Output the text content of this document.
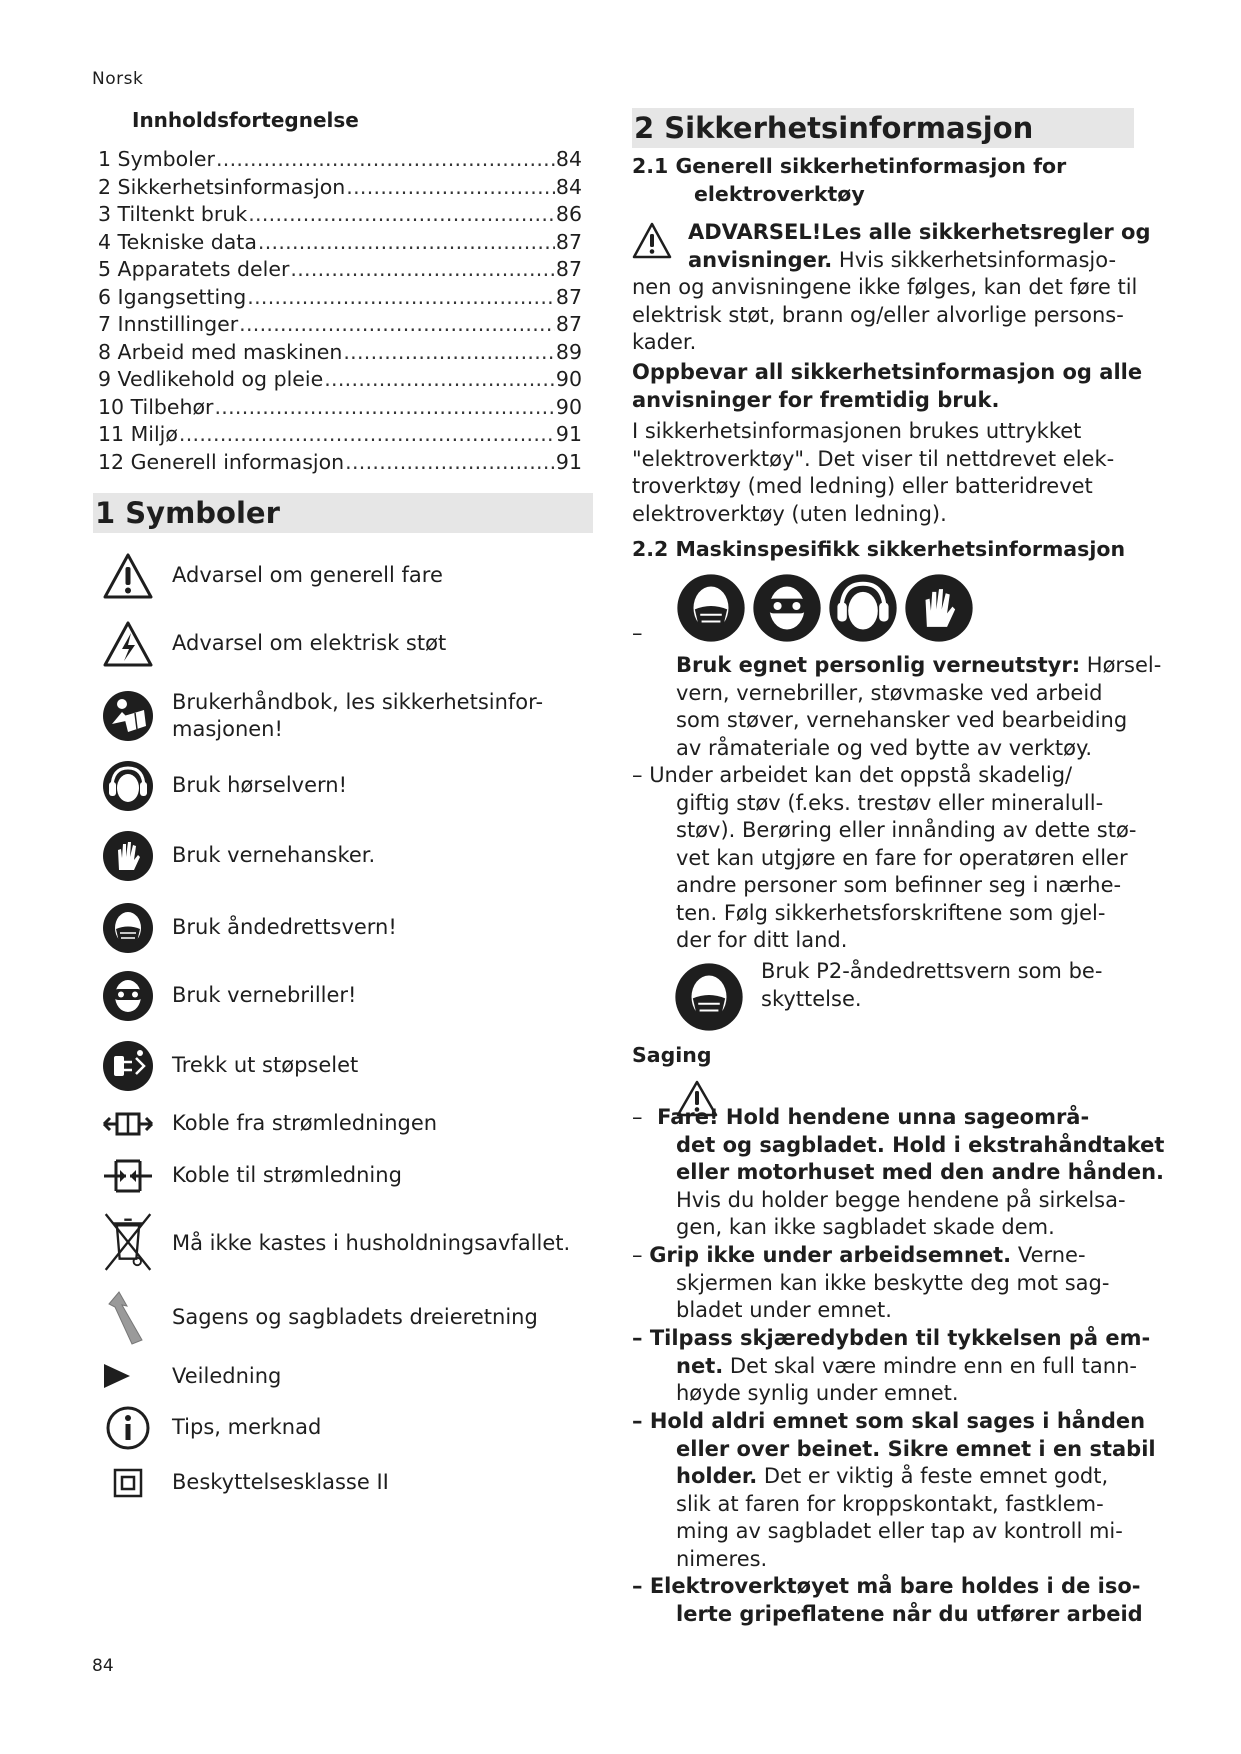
Norsk
84
Innholdsfortegnelse
1 Symboler .....	84
2 Sikkerhetsinformasjon .....	84
3 Tiltenkt bruk .....	86
4 Tekniske data .....	87
5 Apparatets deler .....	87
6 Igangsetting .....	87
7 Innstillinger .....	87
8 Arbeid med maskinen .....	89
9 Vedlikehold og pleie .....	90
10 Tilbehør .....	90
11 Miljø .....	91
12 Generell informasjon .....	91
1 Symboler
Advarsel om generell fare
Advarsel om elektrisk støt
Brukerhåndbok, les sikkerhetsinfor-
masjonen!
Bruk hørselvern!
Bruk vernehansker.
Bruk åndedrettsvern!
Bruk vernebriller!
Trekk ut støpselet
Koble fra strømledningen
Koble til strømledning
Må ikke kastes i husholdningsavfallet.
Sagens og sagbladets dreieretning
Veiledning
Tips, merknad
Beskyttelsesklasse II
2 Sikkerhetsinformasjon
2.1 Generell sikkerhetinformasjon for
elektroverktøy
ADVARSEL!Les alle sikkerhetsregler og
anvisninger. Hvis sikkerhetsinformasjo-
nen og anvisningene ikke følges, kan det føre til
elektrisk støt, brann og/eller alvorlige persons-
kader.
Oppbevar all sikkerhetsinformasjon og alle
anvisninger for fremtidig bruk.
I sikkerhetsinformasjonen brukes uttrykket
"elektroverktøy". Det viser til nettdrevet elek-
troverktøy (med ledning) eller batteridrevet
elektroverktøy (uten ledning).
2.2 Maskinspesifikk sikkerhetsinformasjon
–
Bruk egnet personlig verneutstyr: Hørsel-
vern, vernebriller, støvmaske ved arbeid
som støver, vernehansker ved bearbeiding
av råmateriale og ved bytte av verktøy.
– Under arbeidet kan det oppstå skadelig/
giftig støv (f.eks. trestøv eller mineralull-
støv). Berøring eller innånding av dette stø-
vet kan utgjøre en fare for operatøren eller
andre personer som befinner seg i nærhe-
ten. Følg sikkerhetsforskriftene som gjel-
der for ditt land.
Bruk P2-åndedrettsvern som be-
skyttelse.
Saging
– Fare! Hold hendene unna sageområ-
det og sagbladet. Hold i ekstrahåndtaket
eller motorhuset med den andre hånden.
Hvis du holder begge hendene på sirkelsa-
gen, kan ikke sagbladet skade dem.
– Grip ikke under arbeidsemnet. Verne-
skjermen kan ikke beskytte deg mot sag-
bladet under emnet.
– Tilpass skjæredybden til tykkelsen på em-
net. Det skal være mindre enn en full tann-
høyde synlig under emnet.
– Hold aldri emnet som skal sages i hånden
eller over beinet. Sikre emnet i en stabil
holder. Det er viktig å feste emnet godt,
slik at faren for kroppskontakt, fastklem-
ming av sagbladet eller tap av kontroll mi-
nimeres.
– Elektroverktøyet må bare holdes i de iso-
lerte gripeflatene når du utfører arbeid
